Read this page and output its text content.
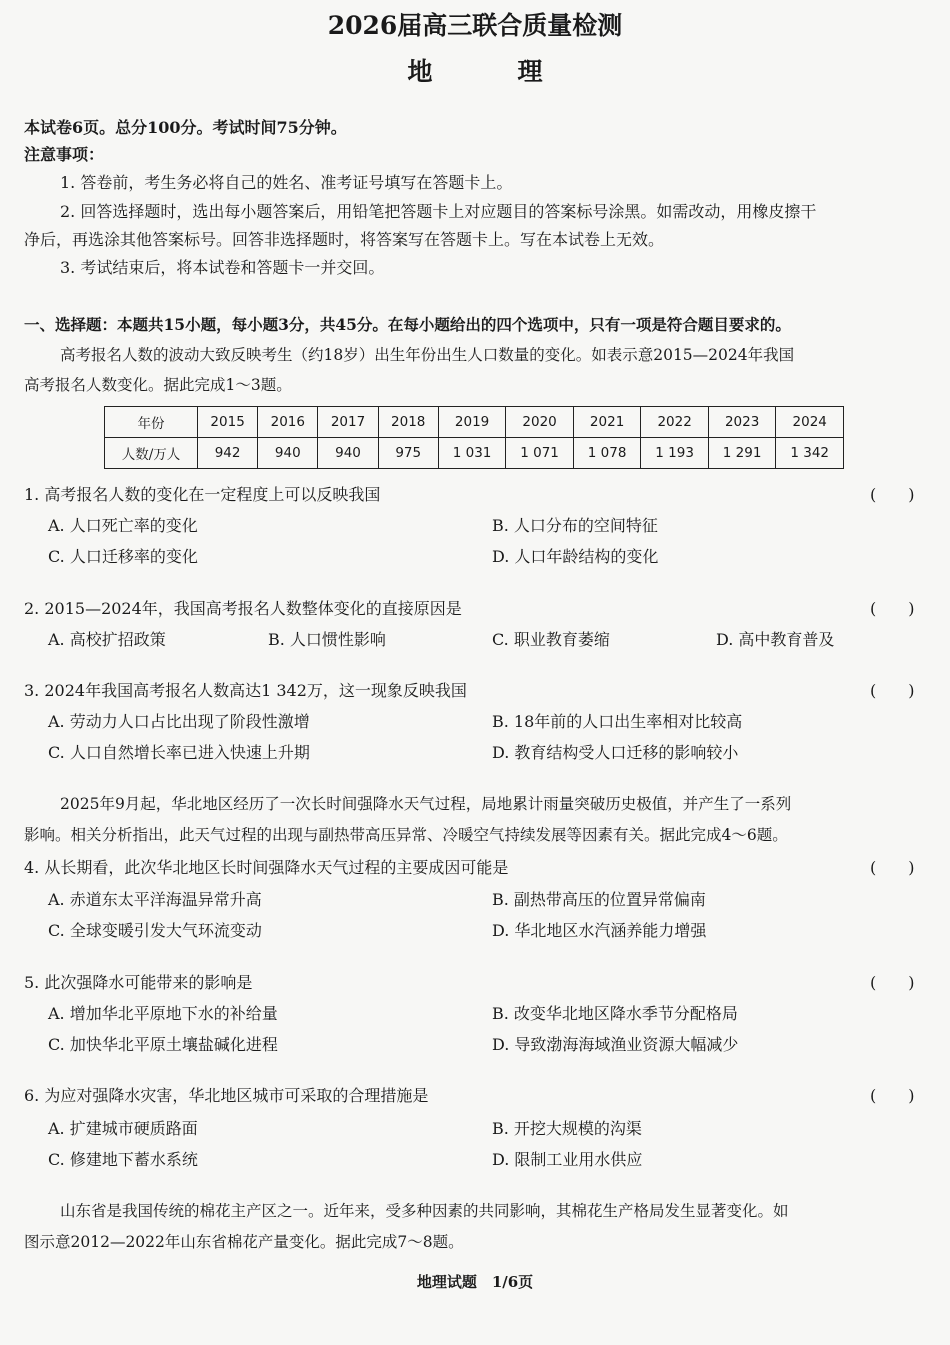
2026届高三联合质量检测
地　理
本试卷6页。总分100分。考试时间75分钟。
注意事项：
1. 答卷前，考生务必将自己的姓名、准考证号填写在答题卡上。
2. 回答选择题时，选出每小题答案后，用铅笔把答题卡上对应题目的答案标号涂黑。如需改动，用橡皮擦干
净后，再选涂其他答案标号。回答非选择题时，将答案写在答题卡上。写在本试卷上无效。
3. 考试结束后，将本试卷和答题卡一并交回。
一、选择题：本题共15小题，每小题3分，共45分。在每小题给出的四个选项中，只有一项是符合题目要求的。
高考报名人数的波动大致反映考生（约18岁）出生年份出生人口数量的变化。如表示意2015—2024年我国
高考报名人数变化。据此完成1～3题。
年份	2015	2016	2017	2018	2019	2020	2021	2022	2023	2024
人数/万人	942	940	940	975	1 031	1 071	1 078	1 193	1 291	1 342
1. 高考报名人数的变化在一定程度上可以反映我国	(　　)
A. 人口死亡率的变化	B. 人口分布的空间特征
C. 人口迁移率的变化	D. 人口年龄结构的变化
2. 2015—2024年，我国高考报名人数整体变化的直接原因是	(　　)
A. 高校扩招政策	B. 人口惯性影响	C. 职业教育萎缩	D. 高中教育普及
3. 2024年我国高考报名人数高达1 342万，这一现象反映我国	(　　)
A. 劳动力人口占比出现了阶段性激增	B. 18年前的人口出生率相对比较高
C. 人口自然增长率已进入快速上升期	D. 教育结构受人口迁移的影响较小
2025年9月起，华北地区经历了一次长时间强降水天气过程，局地累计雨量突破历史极值，并产生了一系列
影响。相关分析指出，此天气过程的出现与副热带高压异常、冷暖空气持续发展等因素有关。据此完成4～6题。
4. 从长期看，此次华北地区长时间强降水天气过程的主要成因可能是	(　　)
A. 赤道东太平洋海温异常升高	B. 副热带高压的位置异常偏南
C. 全球变暖引发大气环流变动	D. 华北地区水汽涵养能力增强
5. 此次强降水可能带来的影响是	(　　)
A. 增加华北平原地下水的补给量	B. 改变华北地区降水季节分配格局
C. 加快华北平原土壤盐碱化进程	D. 导致渤海海域渔业资源大幅减少
6. 为应对强降水灾害，华北地区城市可采取的合理措施是	(　　)
A. 扩建城市硬质路面	B. 开挖大规模的沟渠
C. 修建地下蓄水系统	D. 限制工业用水供应
山东省是我国传统的棉花主产区之一。近年来，受多种因素的共同影响，其棉花生产格局发生显著变化。如
图示意2012—2022年山东省棉花产量变化。据此完成7～8题。
地理试题　1/6页
